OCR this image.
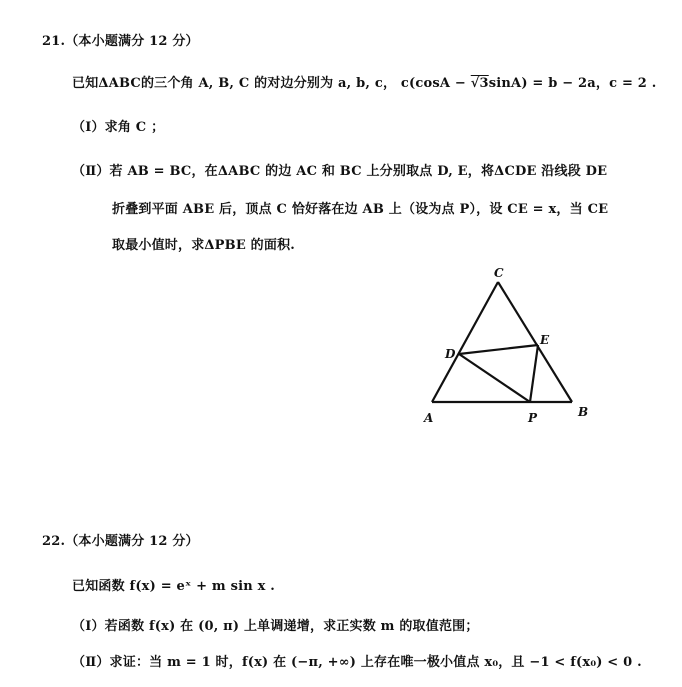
21.（本小题满分 12 分）
已知ΔABC的三个角 A, B, C 的对边分别为 a, b, c， c(cosA − √3sinA) = b − 2a，c = 2 .
（Ⅰ）求角 C ；
（Ⅱ）若 AB = BC，在ΔABC 的边 AC 和 BC 上分别取点 D, E，将ΔCDE 沿线段 DE
折叠到平面 ABE 后，顶点 C 恰好落在边 AB 上（设为点 P），设 CE = x，当 CE
取最小值时，求ΔPBE 的面积.
C
D
E
A	P	B
22.（本小题满分 12 分）
已知函数 f(x) = eˣ + m sin x .
（Ⅰ）若函数 f(x) 在 (0, π) 上单调递增，求正实数 m 的取值范围；
（Ⅱ）求证：当 m = 1 时，f(x) 在 (−π, +∞) 上存在唯一极小值点 x₀，且 −1 < f(x₀) < 0 .
